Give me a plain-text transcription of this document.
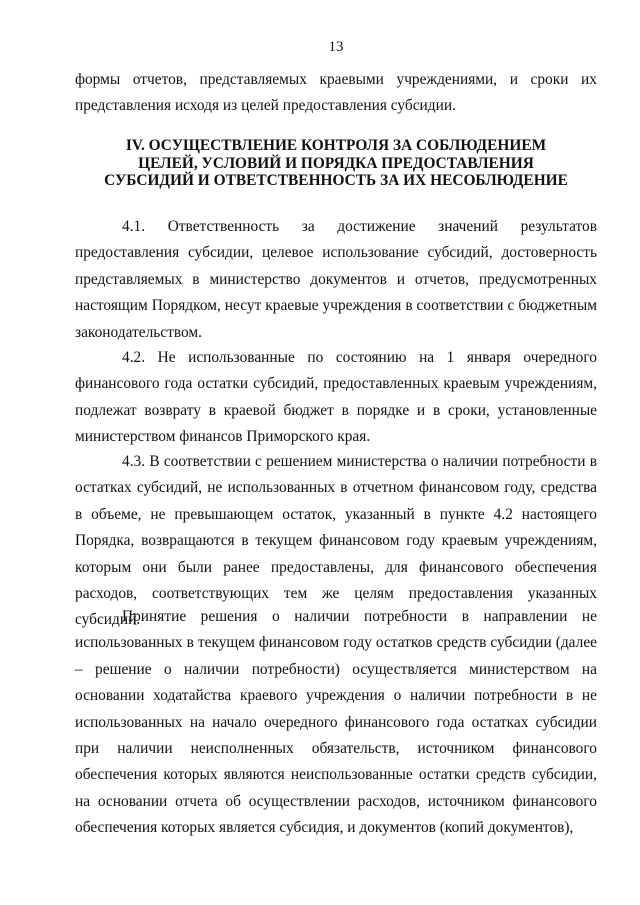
13

формы отчетов, представляемых краевыми учреждениями, и сроки их представления исходя из целей предоставления субсидии.

IV. ОСУЩЕСТВЛЕНИЕ КОНТРОЛЯ ЗА СОБЛЮДЕНИЕМ
ЦЕЛЕЙ, УСЛОВИЙ И ПОРЯДКА ПРЕДОСТАВЛЕНИЯ
СУБСИДИЙ И ОТВЕТСТВЕННОСТЬ ЗА ИХ НЕСОБЛЮДЕНИЕ

4.1. Ответственность за достижение значений результатов предоставления субсидии, целевое использование субсидий, достоверность представляемых в министерство документов и отчетов, предусмотренных настоящим Порядком, несут краевые учреждения в соответствии с бюджетным законодательством.

4.2. Не использованные по состоянию на 1 января очередного финансового года остатки субсидий, предоставленных краевым учреждениям, подлежат возврату в краевой бюджет в порядке и в сроки, установленные министерством финансов Приморского края.

4.3. В соответствии с решением министерства о наличии потребности в остатках субсидий, не использованных в отчетном финансовом году, средства в объеме, не превышающем остаток, указанный в пункте 4.2 настоящего Порядка, возвращаются в текущем финансовом году краевым учреждениям, которым они были ранее предоставлены, для финансового обеспечения расходов, соответствующих тем же целям предоставления указанных субсидий.

Принятие решения о наличии потребности в направлении не использованных в текущем финансовом году остатков средств субсидии (далее – решение о наличии потребности) осуществляется министерством на основании ходатайства краевого учреждения о наличии потребности в не использованных на начало очередного финансового года остатках субсидии при наличии неисполненных обязательств, источником финансового обеспечения которых являются неиспользованные остатки средств субсидии, на основании отчета об осуществлении расходов, источником финансового обеспечения которых является субсидия, и документов (копий документов),
